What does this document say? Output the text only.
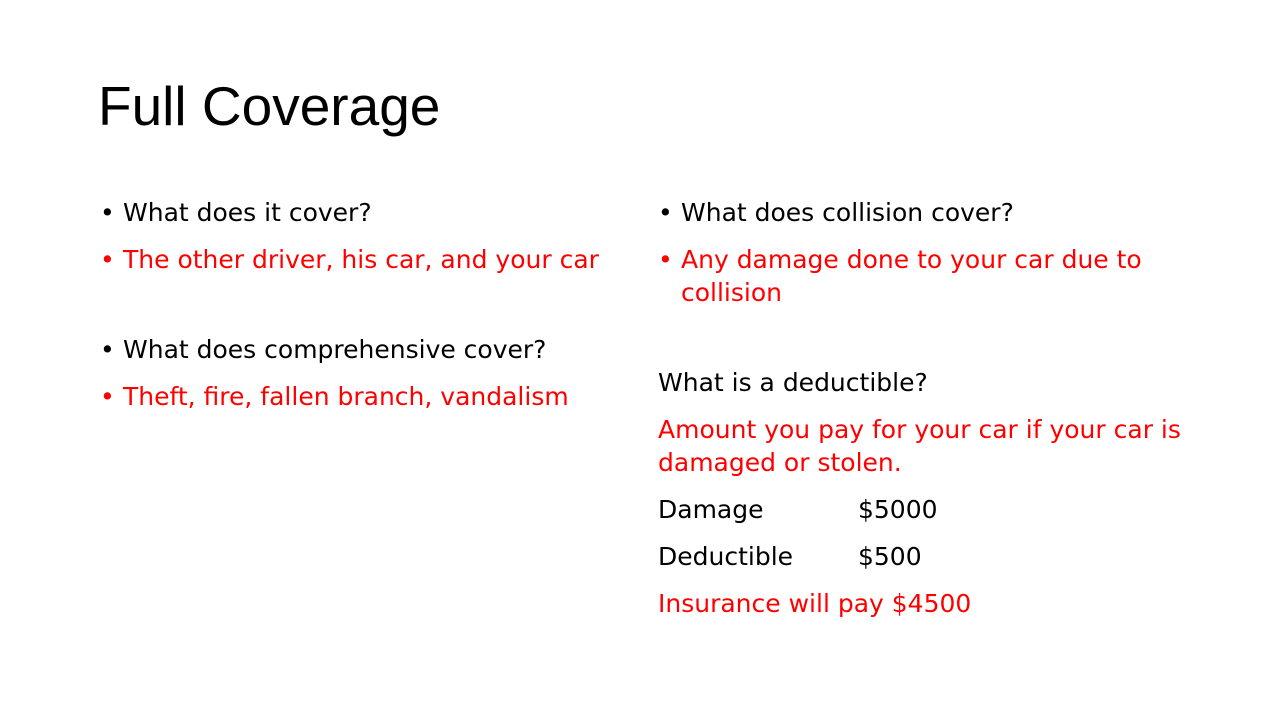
Full Coverage
• What does it cover?
• The other driver, his car, and your car
• What does comprehensive cover?
• Theft, fire, fallen branch, vandalism
• What does collision cover?
• Any damage done to your car due to collision
What is a deductible?
Amount you pay for your car if your car is damaged or stolen.
Damage	$5000
Deductible	$500
Insurance will pay $4500
